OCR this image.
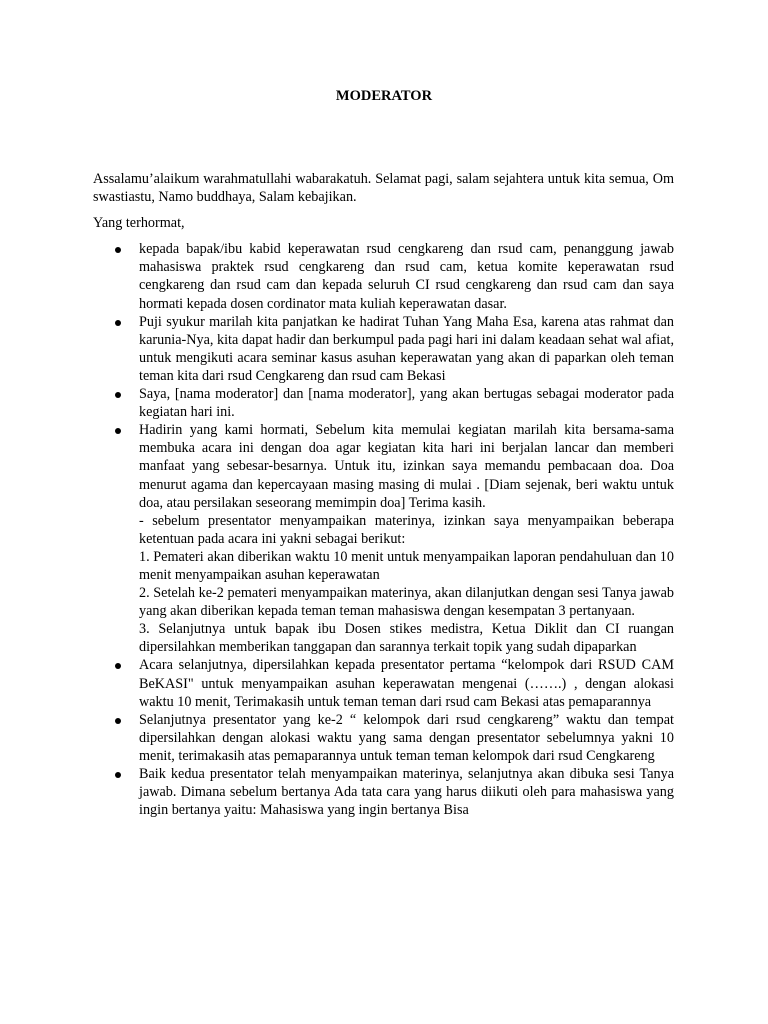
MODERATOR

Assalamu’alaikum warahmatullahi wabarakatuh. Selamat pagi, salam sejahtera untuk kita semua, Om swastiastu, Namo buddhaya, Salam kebajikan.

Yang terhormat,

kepada bapak/ibu kabid keperawatan rsud cengkareng dan rsud cam, penanggung jawab mahasiswa praktek rsud cengkareng dan rsud cam, ketua komite keperawatan rsud cengkareng dan rsud cam dan kepada seluruh CI rsud cengkareng dan rsud cam dan saya hormati kepada dosen cordinator mata kuliah keperawatan dasar.
Puji syukur marilah kita panjatkan ke hadirat Tuhan Yang Maha Esa, karena atas rahmat dan karunia-Nya, kita dapat hadir dan berkumpul pada pagi hari ini dalam keadaan sehat wal afiat, untuk mengikuti acara seminar kasus asuhan keperawatan yang akan di paparkan oleh teman teman kita dari rsud Cengkareng dan rsud cam Bekasi
Saya, [nama moderator] dan [nama moderator], yang akan bertugas sebagai moderator pada kegiatan hari ini.
Hadirin yang kami hormati, Sebelum kita memulai kegiatan marilah kita bersama-sama membuka acara ini dengan doa agar kegiatan kita hari ini berjalan lancar dan memberi manfaat yang sebesar-besarnya. Untuk itu, izinkan saya memandu pembacaan doa. Doa menurut agama dan kepercayaan masing masing di mulai . [Diam sejenak, beri waktu untuk doa, atau persilakan seseorang memimpin doa] Terima kasih.
- sebelum presentator menyampaikan materinya, izinkan saya menyampaikan beberapa ketentuan pada acara ini yakni sebagai berikut:
1. Pemateri akan diberikan waktu 10 menit untuk menyampaikan laporan pendahuluan dan 10 menit menyampaikan asuhan keperawatan
2. Setelah ke-2 pemateri menyampaikan materinya, akan dilanjutkan dengan sesi Tanya jawab yang akan diberikan kepada teman teman mahasiswa dengan kesempatan 3 pertanyaan.
3. Selanjutnya untuk bapak ibu Dosen stikes medistra, Ketua Diklit dan CI ruangan dipersilahkan memberikan tanggapan dan sarannya terkait topik yang sudah dipaparkan
Acara selanjutnya, dipersilahkan kepada presentator pertama “kelompok dari RSUD CAM BeKASI" untuk menyampaikan asuhan keperawatan mengenai (…….) , dengan alokasi waktu 10 menit, Terimakasih untuk teman teman dari rsud cam Bekasi atas pemaparannya
Selanjutnya presentator yang ke-2 “ kelompok dari rsud cengkareng” waktu dan tempat dipersilahkan dengan alokasi waktu yang sama dengan presentator sebelumnya yakni 10 menit, terimakasih atas pemaparannya untuk teman teman kelompok dari rsud Cengkareng
Baik kedua presentator telah menyampaikan materinya, selanjutnya akan dibuka sesi Tanya jawab. Dimana sebelum bertanya Ada tata cara yang harus diikuti oleh para mahasiswa yang ingin bertanya yaitu: Mahasiswa yang ingin bertanya Bisa
